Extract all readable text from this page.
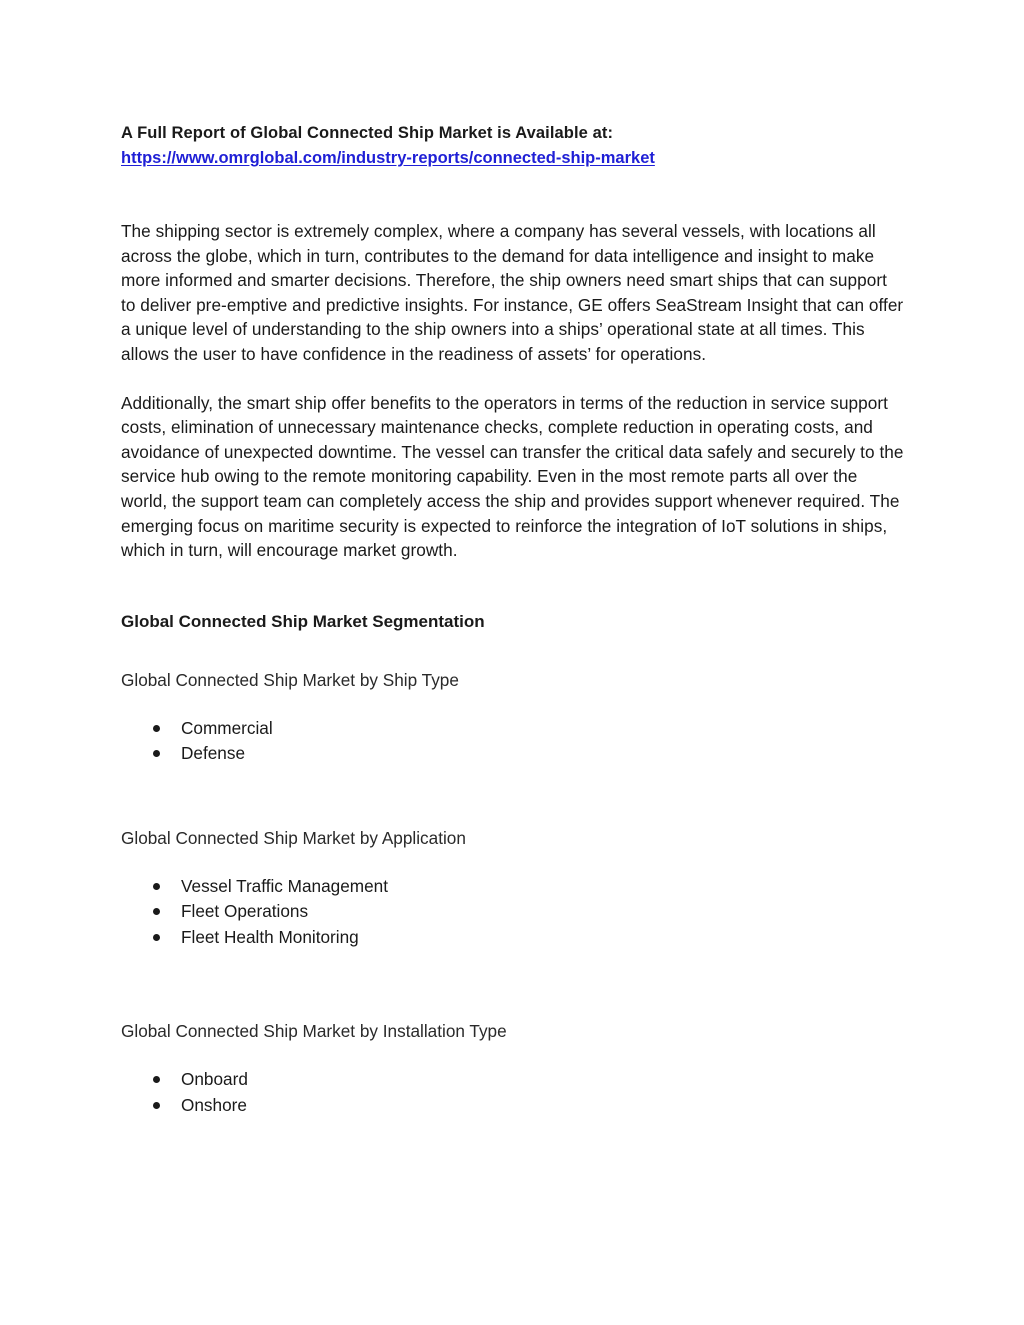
A Full Report of Global Connected Ship Market is Available at:

https://www.omrglobal.com/industry-reports/connected-ship-market

The shipping sector is extremely complex, where a company has several vessels, with locations all across the globe, which in turn, contributes to the demand for data intelligence and insight to make more informed and smarter decisions. Therefore, the ship owners need smart ships that can support to deliver pre-emptive and predictive insights. For instance, GE offers SeaStream Insight that can offer a unique level of understanding to the ship owners into a ships’ operational state at all times. This allows the user to have confidence in the readiness of assets’ for operations.

Additionally, the smart ship offer benefits to the operators in terms of the reduction in service support costs, elimination of unnecessary maintenance checks, complete reduction in operating costs, and avoidance of unexpected downtime. The vessel can transfer the critical data safely and securely to the service hub owing to the remote monitoring capability. Even in the most remote parts all over the world, the support team can completely access the ship and provides support whenever required. The emerging focus on maritime security is expected to reinforce the integration of IoT solutions in ships, which in turn, will encourage market growth.

Global Connected Ship Market Segmentation

Global Connected Ship Market by Ship Type

Commercial
Defense

Global Connected Ship Market by Application

Vessel Traffic Management
Fleet Operations
Fleet Health Monitoring

Global Connected Ship Market by Installation Type

Onboard
Onshore
